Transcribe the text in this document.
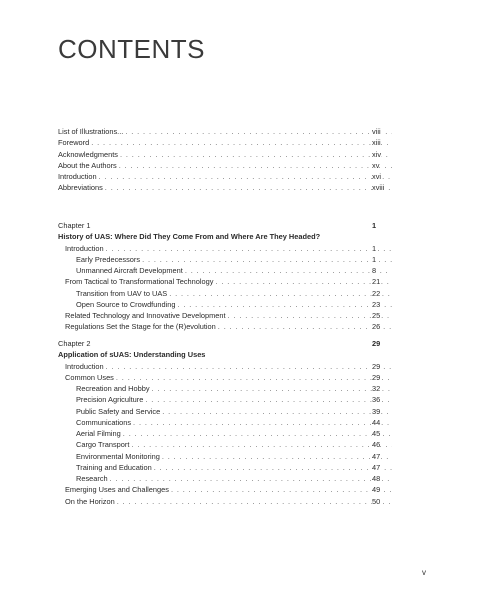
CONTENTS
List of Illustrations... . . .	viii
Foreword . . .	xiii
Acknowledgments . . .	xiv
About the Authors . . .	xv
Introduction . . .	xvi
Abbreviations . . .	xviii
Chapter 1	1
History of UAS: Where Did They Come From and Where Are They Headed?
Introduction . . .	1
Early Predecessors . . .	1
Unmanned Aircraft Development . . .	8
From Tactical to Transformational Technology . . .	21
Transition from UAV to UAS . . .	22
Open Source to Crowdfunding . . .	23
Related Technology and Innovative Development . . .	25
Regulations Set the Stage for the (R)evolution . . .	26
Chapter 2	29
Application of sUAS: Understanding Uses
Introduction . . .	29
Common Uses . . .	29
Recreation and Hobby . . .	32
Precision Agriculture . . .	36
Public Safety and Service . . .	39
Communications . . .	44
Aerial Filming . . .	45
Cargo Transport . . .	46
Environmental Monitoring . . .	47
Training and Education . . .	47
Research . . .	48
Emerging Uses and Challenges . . .	49
On the Horizon . . .	50
v
